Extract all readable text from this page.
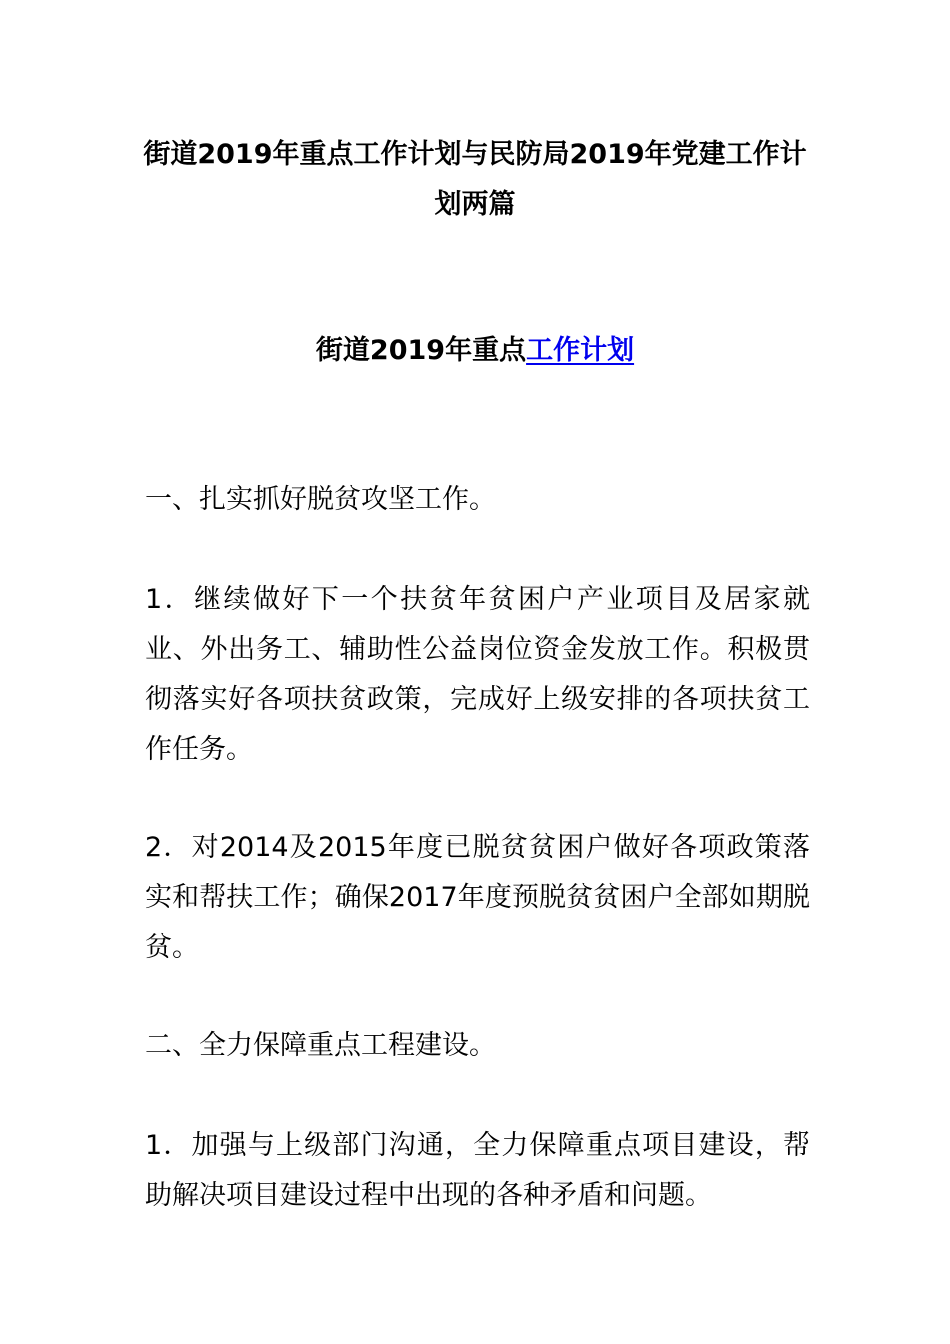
街道2019年重点工作计划与民防局2019年党建工作计划两篇
街道2019年重点工作计划
一、扎实抓好脱贫攻坚工作。
1．继续做好下一个扶贫年贫困户产业项目及居家就业、外出务工、辅助性公益岗位资金发放工作。积极贯彻落实好各项扶贫政策，完成好上级安排的各项扶贫工作任务。
2．对2014及2015年度已脱贫贫困户做好各项政策落实和帮扶工作；确保2017年度预脱贫贫困户全部如期脱贫。
二、全力保障重点工程建设。
1．加强与上级部门沟通，全力保障重点项目建设，帮助解决项目建设过程中出现的各种矛盾和问题。
